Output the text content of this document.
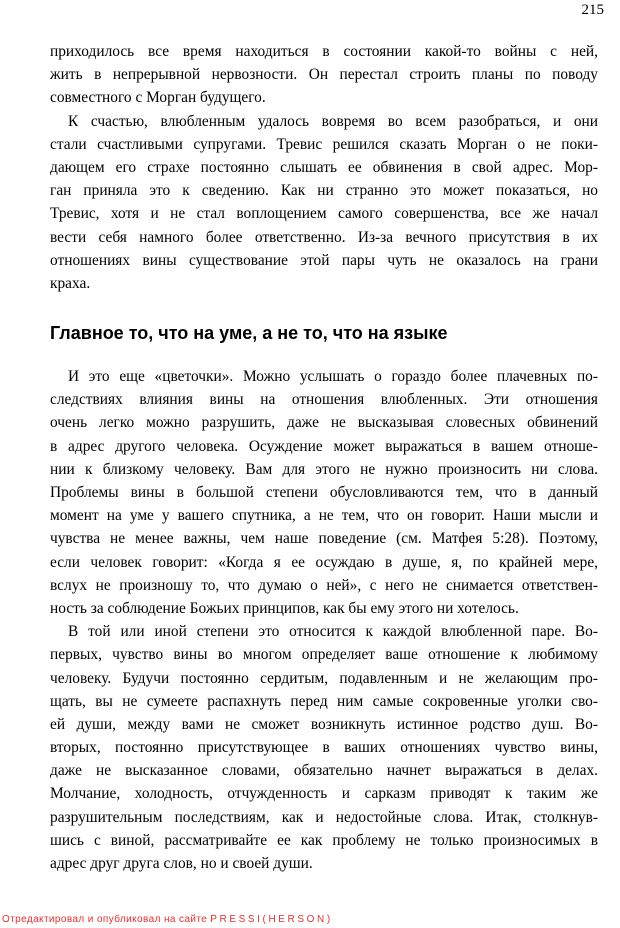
215
приходилось все время находиться в состоянии какой-то войны с ней,
жить в непрерывной нервозности. Он перестал строить планы по поводу
совместного с Морган будущего.
К счастью, влюбленным удалось вовремя во всем разобраться, и они
стали счастливыми супругами. Тревис решился сказать Морган о не поки-
дающем его страхе постоянно слышать ее обвинения в свой адрес. Мор-
ган приняла это к сведению. Как ни странно это может показаться, но
Тревис, хотя и не стал воплощением самого совершенства, все же начал
вести себя намного более ответственно. Из-за вечного присутствия в их
отношениях вины существование этой пары чуть не оказалось на грани
краха.
Главное то, что на уме, а не то, что на языке
И это еще «цветочки». Можно услышать о гораздо более плачевных по-
следствиях влияния вины на отношения влюбленных. Эти отношения
очень легко можно разрушить, даже не высказывая словесных обвинений
в адрес другого человека. Осуждение может выражаться в вашем отноше-
нии к близкому человеку. Вам для этого не нужно произносить ни слова.
Проблемы вины в большой степени обусловливаются тем, что в данный
момент на уме у вашего спутника, а не тем, что он говорит. Наши мысли и
чувства не менее важны, чем наше поведение (см. Матфея 5:28). Поэтому,
если человек говорит: «Когда я ее осуждаю в душе, я, по крайней мере,
вслух не произношу то, что думаю о ней», с него не снимается ответствен-
ность за соблюдение Божьих принципов, как бы ему этого ни хотелось.
В той или иной степени это относится к каждой влюбленной паре. Во-
первых, чувство вины во многом определяет ваше отношение к любимому
человеку. Будучи постоянно сердитым, подавленным и не желающим про-
щать, вы не сумеете распахнуть перед ним самые сокровенные уголки сво-
ей души, между вами не сможет возникнуть истинное родство душ. Во-
вторых, постоянно присутствующее в ваших отношениях чувство вины,
даже не высказанное словами, обязательно начнет выражаться в делах.
Молчание, холодность, отчужденность и сарказм приводят к таким же
разрушительным последствиям, как и недостойные слова. Итак, столкнув-
шись с виной, рассматривайте ее как проблему не только произносимых в
адрес друг друга слов, но и своей души.
Отредактировал и опубликовал на сайте PRESSI(HERSON)
